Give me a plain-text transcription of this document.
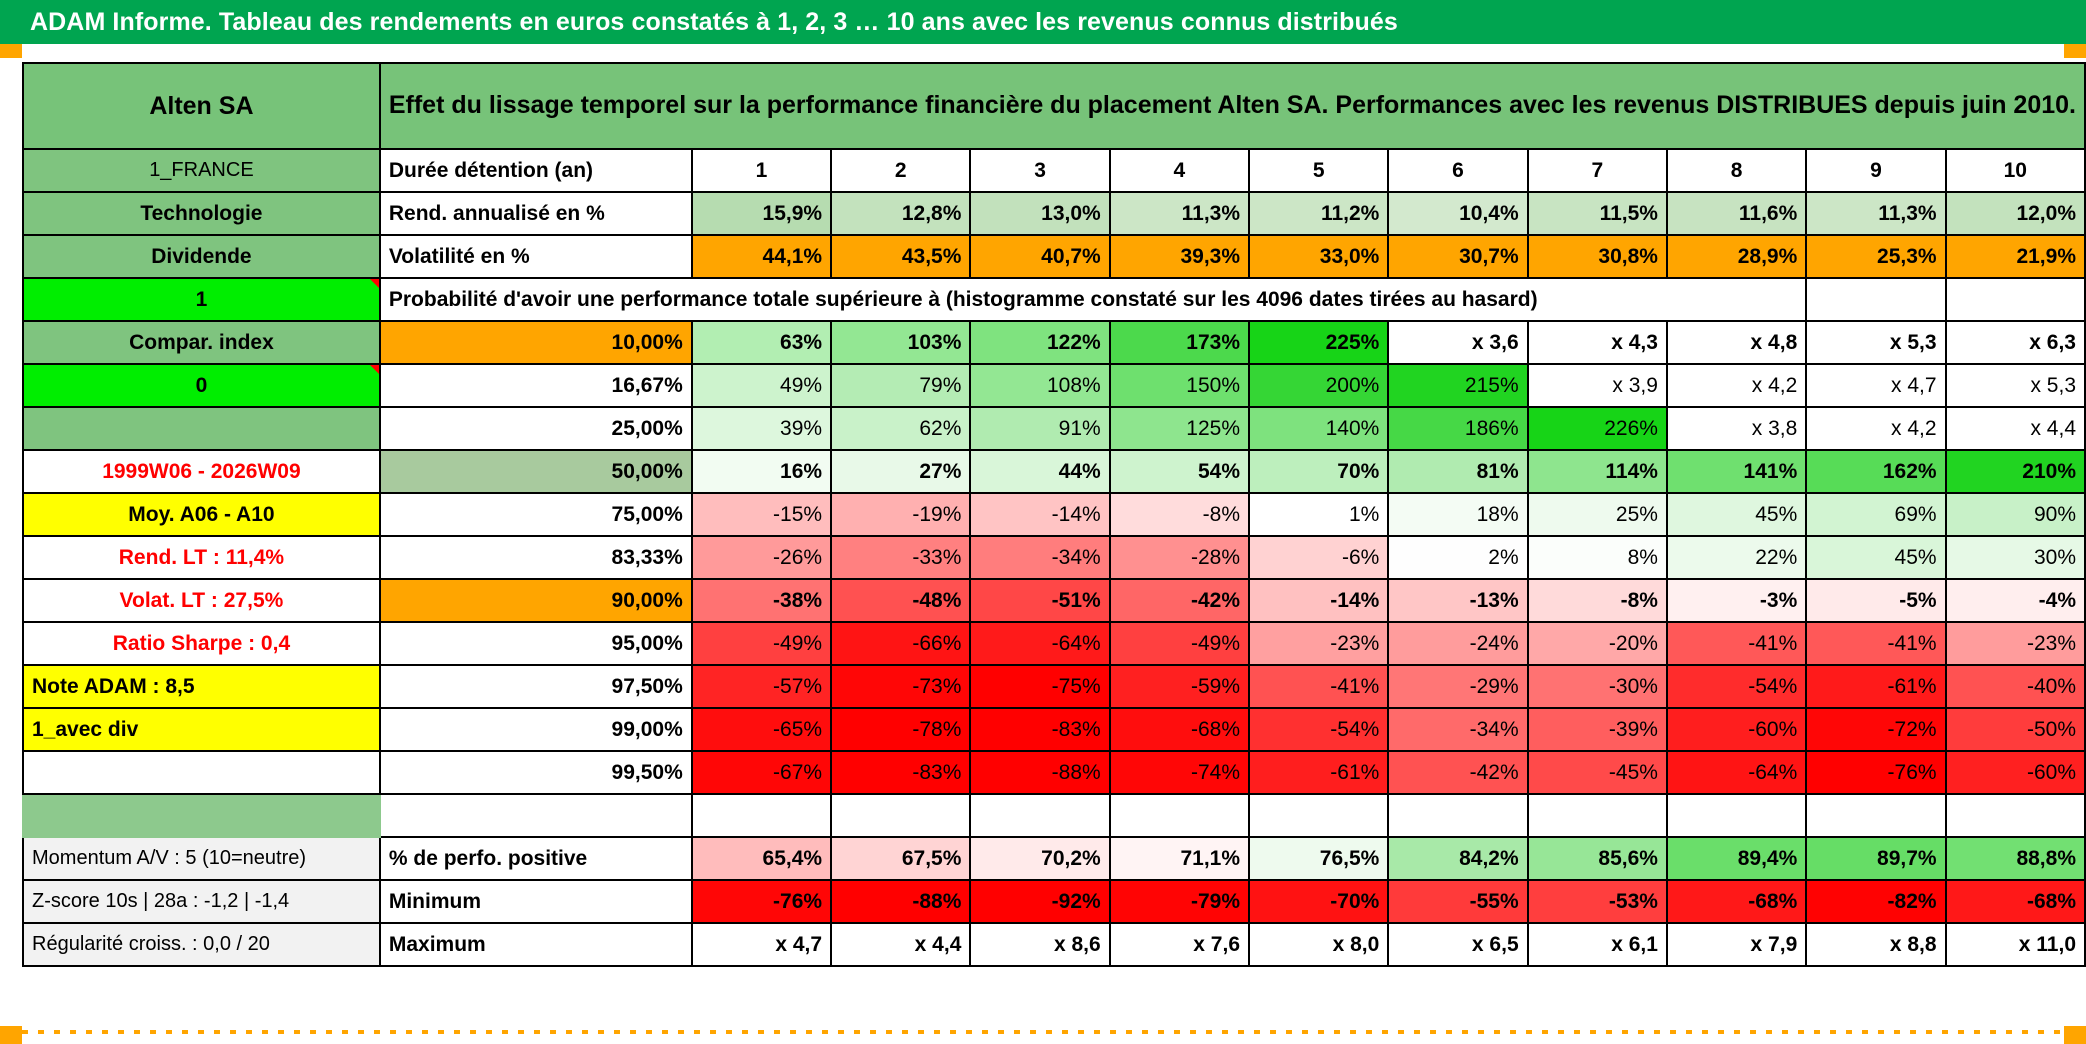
ADAM Informe. Tableau des rendements en euros constatés à 1, 2, 3 … 10 ans avec les revenus connus distribués
Alten SA	Effet du lissage temporel sur la performance financière du placement Alten SA. Performances avec les revenus DISTRIBUES depuis juin 2010.										

1_FRANCE	Durée détention (an)	1	2	3	4	5	6	7	8	9	10
Technologie	Rend. annualisé en %	15,9%	12,8%	13,0%	11,3%	11,2%	10,4%	11,5%	11,6%	11,3%	12,0%
Dividende	Volatilité en %	44,1%	43,5%	40,7%	39,3%	33,0%	30,7%	30,8%	28,9%	25,3%	21,9%
1	Probabilité d'avoir une performance totale supérieure à (histogramme constaté sur les 4096 dates tirées au hasard)										
Compar. index	10,00%	63%	103%	122%	173%	225%	x 3,6	x 4,3	x 4,8	x 5,3	x 6,3
0	16,67%	49%	79%	108%	150%	200%	215%	x 3,9	x 4,2	x 4,7	x 5,3
	25,00%	39%	62%	91%	125%	140%	186%	226%	x 3,8	x 4,2	x 4,4
1999W06 - 2026W09	50,00%	16%	27%	44%	54%	70%	81%	114%	141%	162%	210%
Moy. A06 - A10	75,00%	-15%	-19%	-14%	-8%	1%	18%	25%	45%	69%	90%
Rend. LT : 11,4%	83,33%	-26%	-33%	-34%	-28%	-6%	2%	8%	22%	45%	30%
Volat. LT : 27,5%	90,00%	-38%	-48%	-51%	-42%	-14%	-13%	-8%	-3%	-5%	-4%
Ratio Sharpe : 0,4	95,00%	-49%	-66%	-64%	-49%	-23%	-24%	-20%	-41%	-41%	-23%
Note ADAM : 8,5	97,50%	-57%	-73%	-75%	-59%	-41%	-29%	-30%	-54%	-61%	-40%
1_avec div	99,00%	-65%	-78%	-83%	-68%	-54%	-34%	-39%	-60%	-72%	-50%
	99,50%	-67%	-83%	-88%	-74%	-61%	-42%	-45%	-64%	-76%	-60%

Momentum A/V : 5 (10=neutre)	% de perfo. positive	65,4%	67,5%	70,2%	71,1%	76,5%	84,2%	85,6%	89,4%	89,7%	88,8%
Z-score 10s | 28a : -1,2 | -1,4	Minimum	-76%	-88%	-92%	-79%	-70%	-55%	-53%	-68%	-82%	-68%
Régularité croiss. : 0,0 / 20	Maximum	x 4,7	x 4,4	x 8,6	x 7,6	x 8,0	x 6,5	x 6,1	x 7,9	x 8,8	x 11,0
